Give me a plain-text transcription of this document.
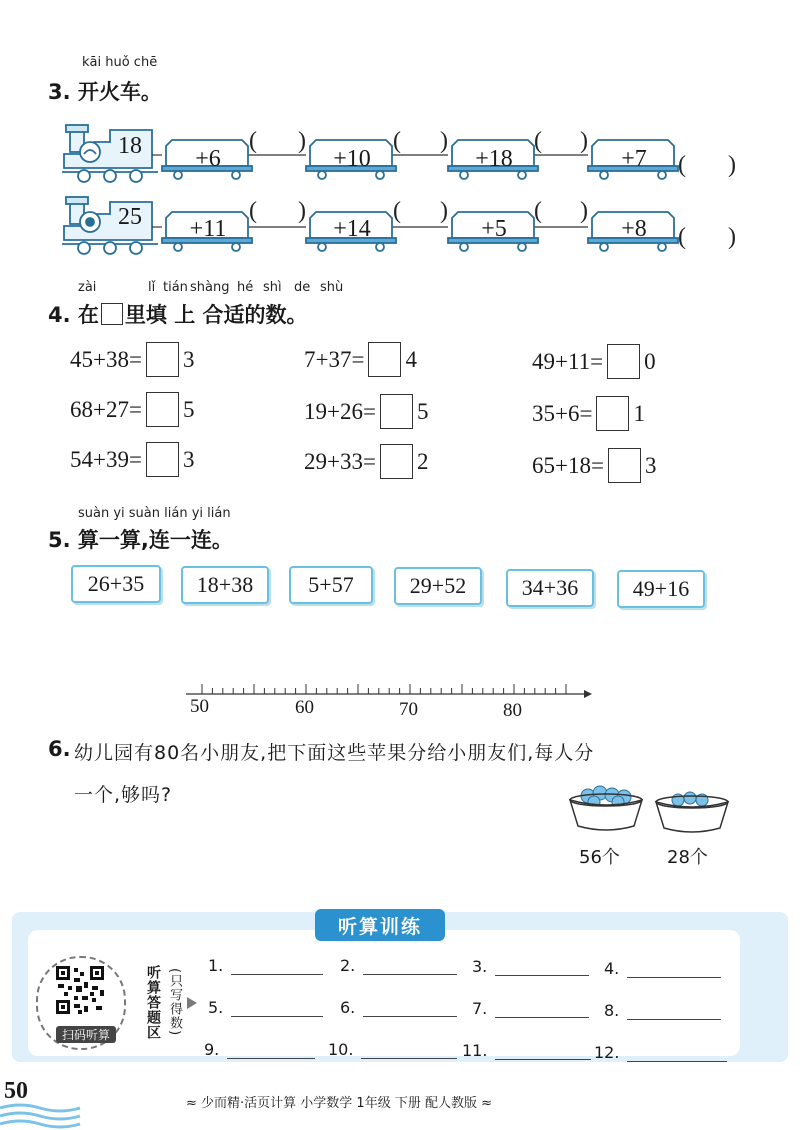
kāi huǒ chē
3. 开火车。
18	+6	+10	+18	+7
( )	( )	( )
( )
25	+11	+14	+5	+8
( )	( )	( )
( )
zài	lǐ tián shàng hé shì de shù
4. 在 里填 上 合适的数。
45+38= 3	7+37= 4	49+11= 0
68+27= 5	19+26= 5	35+6= 1
54+39= 3	29+33= 2	65+18= 3
suàn yi suàn lián yi lián
5. 算一算,连一连。
26+35	18+38	5+57	29+52	34+36	49+16
50	60	70	80
6. 幼儿园有80名小朋友,把下面这些苹果分给小朋友们,每人分
一个,够吗?
56个	28个
听算训练
扫码听算	听算答题区 (只写得数)
1.	2.	3.	4.
5.	6.	7.	8.
9.	10.	11.	12.
50	≈ 少而精·活页计算 小学数学 1年级 下册 配人教版 ≈
